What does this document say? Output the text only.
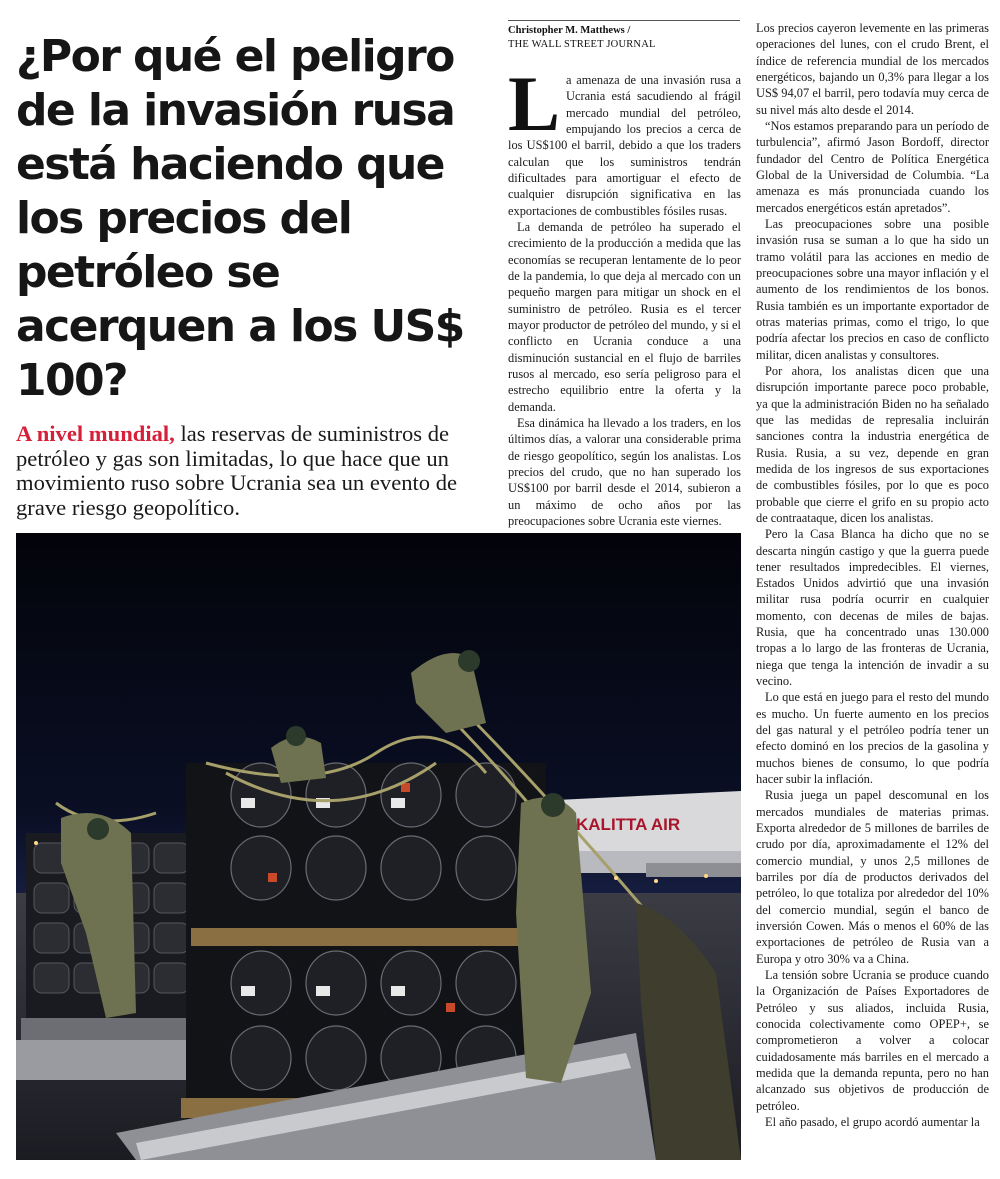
¿Por qué el peligro de la invasión rusa está haciendo que los precios del petróleo se acerquen a los US$ 100?

A nivel mundial, las reservas de suministros de petróleo y gas son limitadas, lo que hace que un movimiento ruso sobre Ucrania sea un evento de grave riesgo geopolítico.

Christopher M. Matthews /
THE WALL STREET JOURNAL
L a amenaza de una invasión rusa a Ucrania está sacudiendo al frágil mercado mundial del petróleo, empujando los precios a cerca de los US$100 el barril, debido a que los traders calculan que los suministros tendrán dificultades para amortiguar el efecto de cualquier disrupción significativa en las exportaciones de combustibles fósiles rusas.

La demanda de petróleo ha superado el crecimiento de la producción a medida que las economías se recuperan lentamente de lo peor de la pandemia, lo que deja al mercado con un pequeño margen para mitigar un shock en el suministro de petróleo. Rusia es el tercer mayor productor de petróleo del mundo, y si el conflicto en Ucrania conduce a una disminución sustancial en el flujo de barriles rusos al mercado, eso sería peligroso para el estrecho equilibrio entre la oferta y la demanda.

Esa dinámica ha llevado a los traders, en los últimos días, a valorar una considerable prima de riesgo geopolítico, según los analistas. Los precios del crudo, que no han superado los US$100 por barril desde el 2014, subieron a un máximo de ocho años por las preocupaciones sobre Ucrania este viernes.

Los precios cayeron levemente en las primeras operaciones del lunes, con el crudo Brent, el índice de referencia mundial de los mercados energéticos, bajando un 0,3% para llegar a los US$ 94,07 el barril, pero todavía muy cerca de su nivel más alto desde el 2014.

“Nos estamos preparando para un período de turbulencia”, afirmó Jason Bordoff, director fundador del Centro de Política Energética Global de la Universidad de Columbia. “La amenaza es más pronunciada cuando los mercados energéticos están apretados”.

Las preocupaciones sobre una posible invasión rusa se suman a lo que ha sido un tramo volátil para las acciones en medio de preocupaciones sobre una mayor inflación y el aumento de los rendimientos de los bonos. Rusia también es un importante exportador de otras materias primas, como el trigo, lo que podría afectar los precios en caso de conflicto militar, dicen analistas y consultores.

Por ahora, los analistas dicen que una disrupción importante parece poco probable, ya que la administración Biden no ha señalado que las medidas de represalia incluirán sanciones contra la industria energética de Rusia. Rusia, a su vez, depende en gran medida de los ingresos de sus exportaciones de combustibles fósiles, por lo que es poco probable que cierre el grifo en su propio acto de contraataque, dicen los analistas.

Pero la Casa Blanca ha dicho que no se descarta ningún castigo y que la guerra puede tener resultados impredecibles. El viernes, Estados Unidos advirtió que una invasión militar rusa podría ocurrir en cualquier momento, con decenas de miles de bajas. Rusia, que ha concentrado unas 130.000 tropas a lo largo de las fronteras de Ucrania, niega que tenga la intención de invadir a su vecino.

Lo que está en juego para el resto del mundo es mucho. Un fuerte aumento en los precios del gas natural y el petróleo podría tener un efecto dominó en los precios de la gasolina y muchos bienes de consumo, lo que podría hacer subir la inflación.

Rusia juega un papel descomunal en los mercados mundiales de materias primas. Exporta alrededor de 5 millones de barriles de crudo por día, aproximadamente el 12% del comercio mundial, y unos 2,5 millones de barriles por día de productos derivados del petróleo, lo que totaliza por alrededor del 10% del comercio mundial, según el banco de inversión Cowen. Más o menos el 60% de las exportaciones de petróleo de Rusia van a Europa y otro 30% va a China.

La tensión sobre Ucrania se produce cuando la Organización de Países Exportadores de Petróleo y sus aliados, incluida Rusia, conocida colectivamente como OPEP+, se comprometieron a volver a colocar cuidadosamente más barriles en el mercado a medida que la demanda repunta, pero no han alcanzado sus objetivos de producción de petróleo.

El año pasado, el grupo acordó aumentar la

KALITTA AIR
